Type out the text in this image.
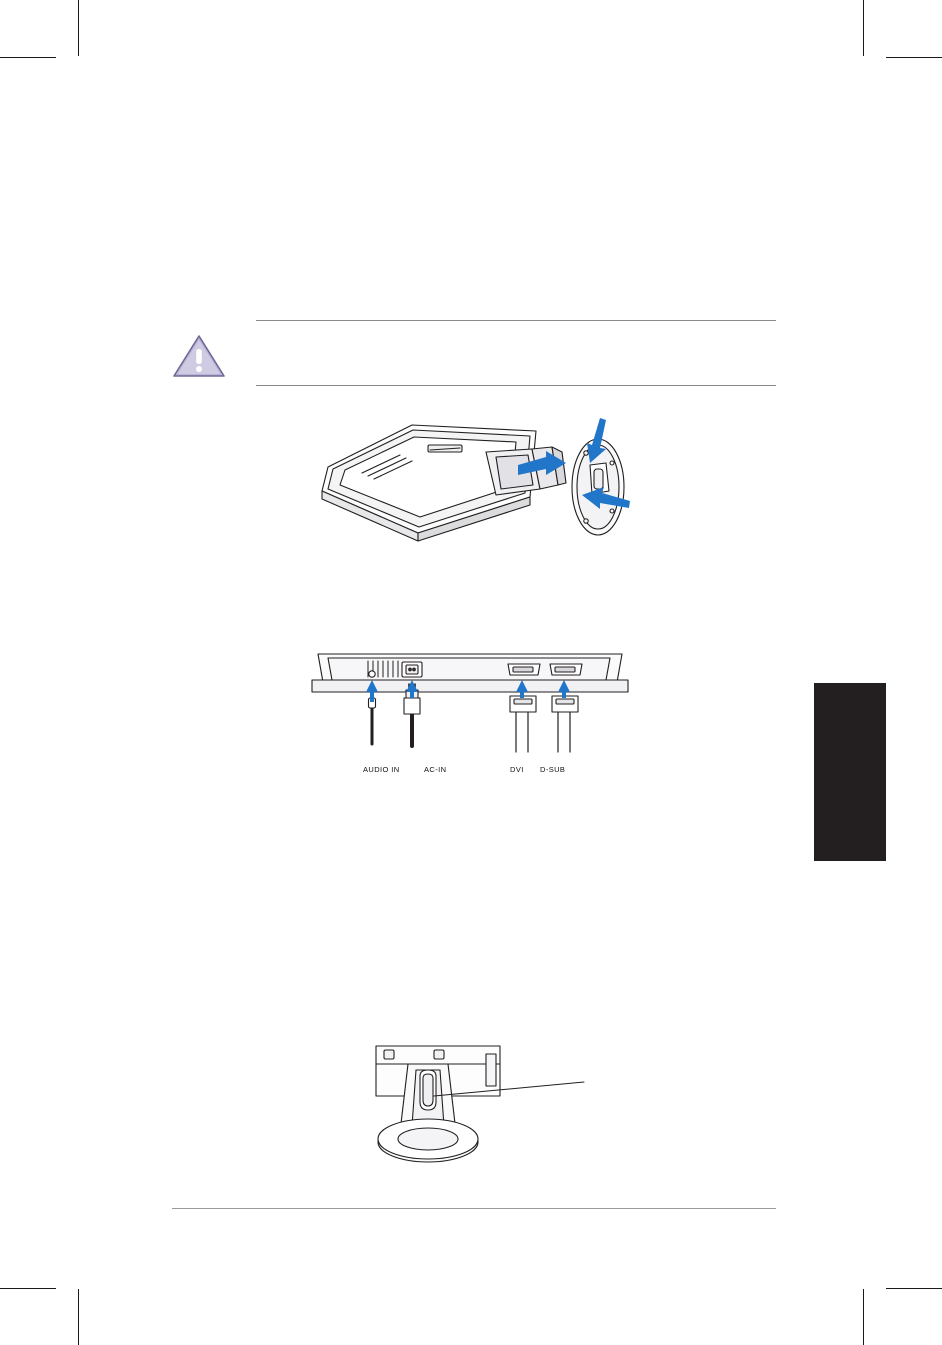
AUDIO IN	AC-IN	DVI D-SUB
